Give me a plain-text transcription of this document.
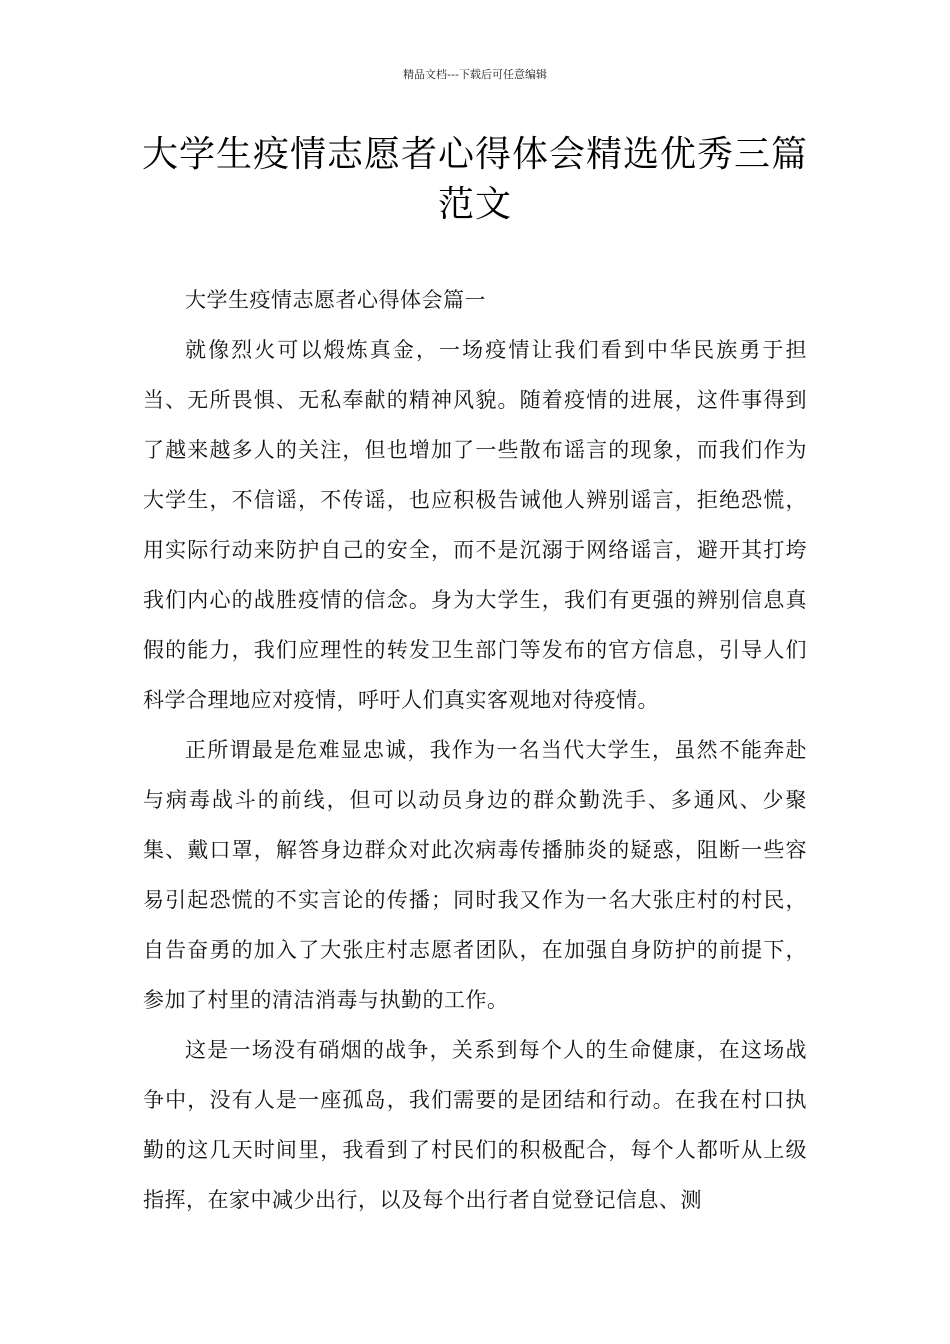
精品文档---下载后可任意编辑
大学生疫情志愿者心得体会精选优秀三篇范文

大学生疫情志愿者心得体会篇一

就像烈火可以煅炼真金，一场疫情让我们看到中华民族勇于担当、无所畏惧、无私奉献的精神风貌。随着疫情的进展，这件事得到了越来越多人的关注，但也增加了一些散布谣言的现象，而我们作为大学生，不信谣，不传谣，也应积极告诫他人辨别谣言，拒绝恐慌，用实际行动来防护自己的安全，而不是沉溺于网络谣言，避开其打垮我们内心的战胜疫情的信念。身为大学生，我们有更强的辨别信息真假的能力，我们应理性的转发卫生部门等发布的官方信息，引导人们科学合理地应对疫情，呼吁人们真实客观地对待疫情。

正所谓最是危难显忠诚，我作为一名当代大学生，虽然不能奔赴与病毒战斗的前线，但可以动员身边的群众勤洗手、多通风、少聚集、戴口罩，解答身边群众对此次病毒传播肺炎的疑惑，阻断一些容易引起恐慌的不实言论的传播；同时我又作为一名大张庄村的村民，自告奋勇的加入了大张庄村志愿者团队，在加强自身防护的前提下，参加了村里的清洁消毒与执勤的工作。

这是一场没有硝烟的战争，关系到每个人的生命健康，在这场战争中，没有人是一座孤岛，我们需要的是团结和行动。在我在村口执勤的这几天时间里，我看到了村民们的积极配合，每个人都听从上级指挥，在家中减少出行，以及每个出行者自觉登记信息、测
